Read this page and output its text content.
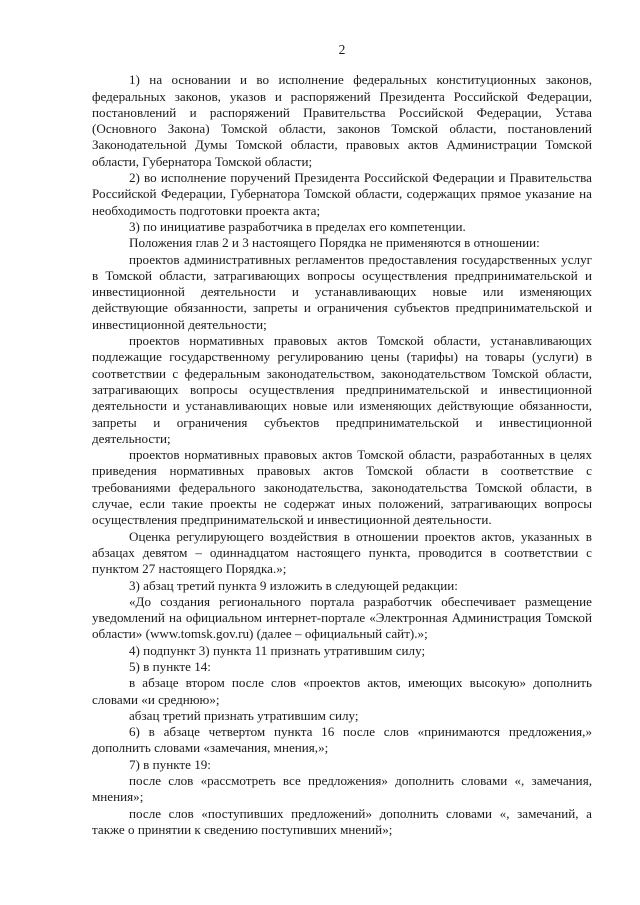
2

1) на основании и во исполнение федеральных конституционных законов, федеральных законов, указов и распоряжений Президента Российской Федерации, постановлений и распоряжений Правительства Российской Федерации, Устава (Основного Закона) Томской области, законов Томской области, постановлений Законодательной Думы Томской области, правовых актов Администрации Томской области, Губернатора Томской области;

2) во исполнение поручений Президента Российской Федерации и Правительства Российской Федерации, Губернатора Томской области, содержащих прямое указание на необходимость подготовки проекта акта;

3) по инициативе разработчика в пределах его компетенции.

Положения глав 2 и 3 настоящего Порядка не применяются в отношении:

проектов административных регламентов предоставления государственных услуг в Томской области, затрагивающих вопросы осуществления предпринимательской и инвестиционной деятельности и устанавливающих новые или изменяющих действующие обязанности, запреты и ограничения субъектов предпринимательской и инвестиционной деятельности;

проектов нормативных правовых актов Томской области, устанавливающих подлежащие государственному регулированию цены (тарифы) на товары (услуги) в соответствии с федеральным законодательством, законодательством Томской области, затрагивающих вопросы осуществления предпринимательской и инвестиционной деятельности и устанавливающих новые или изменяющих действующие обязанности, запреты и ограничения субъектов предпринимательской и инвестиционной деятельности;

проектов нормативных правовых актов Томской области, разработанных в целях приведения нормативных правовых актов Томской области в соответствие с требованиями федерального законодательства, законодательства Томской области, в случае, если такие проекты не содержат иных положений, затрагивающих вопросы осуществления предпринимательской и инвестиционной деятельности.

Оценка регулирующего воздействия в отношении проектов актов, указанных в абзацах девятом – одиннадцатом настоящего пункта, проводится в соответствии с пунктом 27 настоящего Порядка.»;

3) абзац третий пункта 9 изложить в следующей редакции:

«До создания регионального портала разработчик обеспечивает размещение уведомлений на официальном интернет-портале «Электронная Администрация Томской области» (www.tomsk.gov.ru) (далее – официальный сайт).»;

4) подпункт 3) пункта 11 признать утратившим силу;

5) в пункте 14:

в абзаце втором после слов «проектов актов, имеющих высокую» дополнить словами «и среднюю»;

абзац третий признать утратившим силу;

6) в абзаце четвертом пункта 16 после слов «принимаются предложения,» дополнить словами «замечания, мнения,»;

7) в пункте 19:

после слов «рассмотреть все предложения» дополнить словами «, замечания, мнения»;

после слов «поступивших предложений» дополнить словами «, замечаний, а также о принятии к сведению поступивших мнений»;
